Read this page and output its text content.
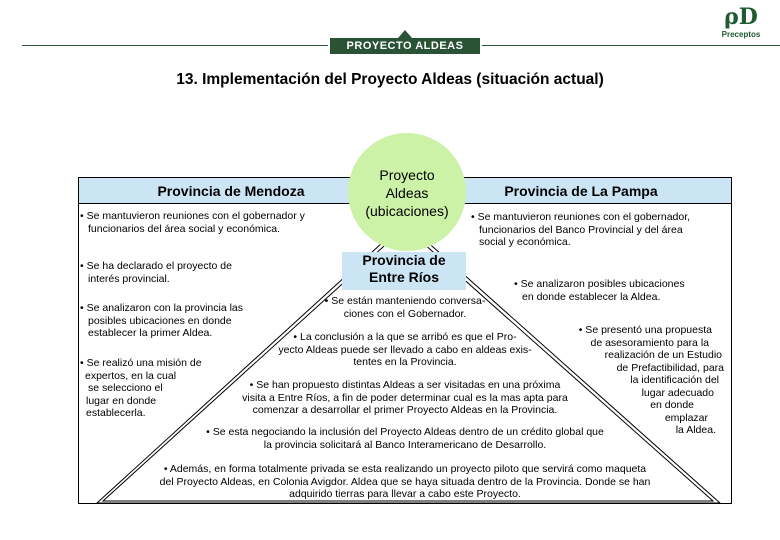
PROYECTO ALDEAS
ρD
Preceptos
13. Implementación del Proyecto Aldeas (situación actual)
Provincia de Mendoza	Provincia de La Pampa
Provincia de
Entre Ríos
Proyecto
Aldeas
(ubicaciones)
• Se mantuvieron reuniones con el gobernador y
funcionarios del área social y económica.
• Se ha declarado el proyecto de
interés provincial.
• Se analizaron con la provincia las
posibles ubicaciones en donde
establecer la primer Aldea.
• Se realizó una misión de
expertos, en la cual
se selecciono el
lugar en donde
establecerla.
• Se mantuvieron reuniones con el gobernador,
funcionarios del Banco Provincial y del área
social y económica.
• Se analizaron posibles ubicaciones
en donde establecer la Aldea.
• Se presentó una propuesta
de asesoramiento para la
realización de un Estudio
de Prefactibilidad, para
la identificación del
lugar adecuado
en donde
emplazar
la Aldea.
• Se están manteniendo conversa-
ciones con el Gobernador.
• La conclusión a la que se arribó es que el Pro-
yecto Aldeas puede ser llevado a cabo en aldeas exis-
tentes en la Provincia.
• Se han propuesto distintas Aldeas a ser visitadas en una próxima
visita a Entre Ríos, a fin de poder determinar cual es la mas apta para
comenzar a desarrollar el primer Proyecto Aldeas en la Provincia.
• Se esta negociando la inclusión del Proyecto Aldeas dentro de un crédito global que
la provincia solicitará al Banco Interamericano de Desarrollo.
• Además, en forma totalmente privada se esta realizando un proyecto piloto que servirá como maqueta
del Proyecto Aldeas, en Colonia Avigdor. Aldea que se haya situada dentro de la Provincia. Donde se han
adquirido tierras para llevar a cabo este Proyecto.
